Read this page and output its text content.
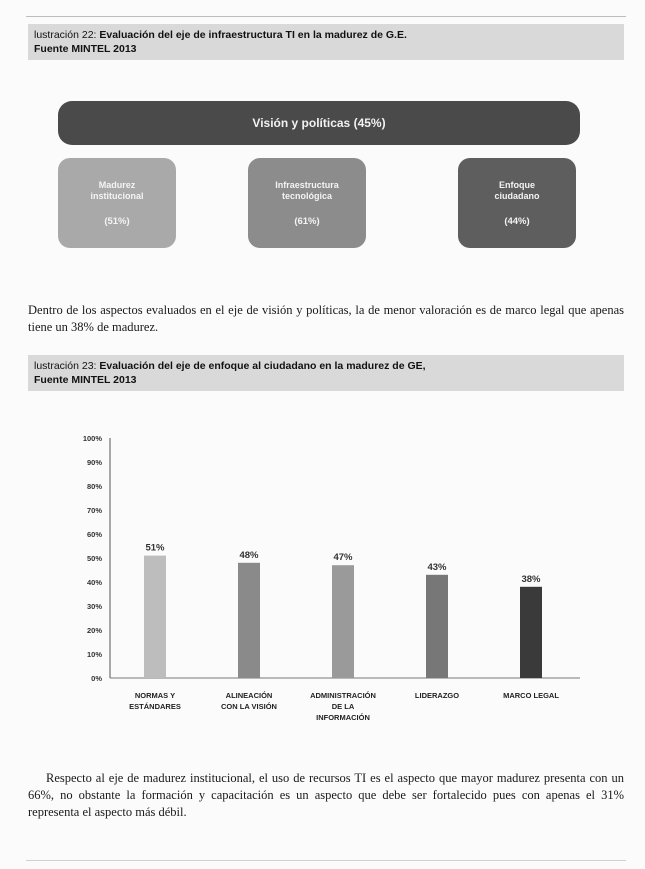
lustración 22: Evaluación del eje de infraestructura TI en la madurez de G.E.
Fuente MINTEL 2013
Visión y políticas (45%)
Madurez
institucional
(51%)
Infraestructura
tecnológica
(61%)
Enfoque
ciudadano
(44%)
Dentro de los aspectos evaluados en el eje de visión y políticas, la de menor valoración es de marco legal que apenas tiene un 38% de madurez.
lustración 23: Evaluación del eje de enfoque al ciudadano en la madurez de GE,
Fuente MINTEL 2013
0%
10%
20%
30%
40%
50%
60%
70%
80%
90%
100%
51%
NORMAS Y
ESTÁNDARES
48%
ALINEACIÓN
CON LA VISIÓN
47%
ADMINISTRACIÓN
DE LA
INFORMACIÓN
43%
LIDERAZGO
38%
MARCO LEGAL
Respecto al eje de madurez institucional, el uso de recursos TI es el aspecto que mayor madurez presenta con un 66%, no obstante la formación y capacitación es un aspecto que debe ser fortalecido pues con apenas el 31% representa el aspecto más débil.
